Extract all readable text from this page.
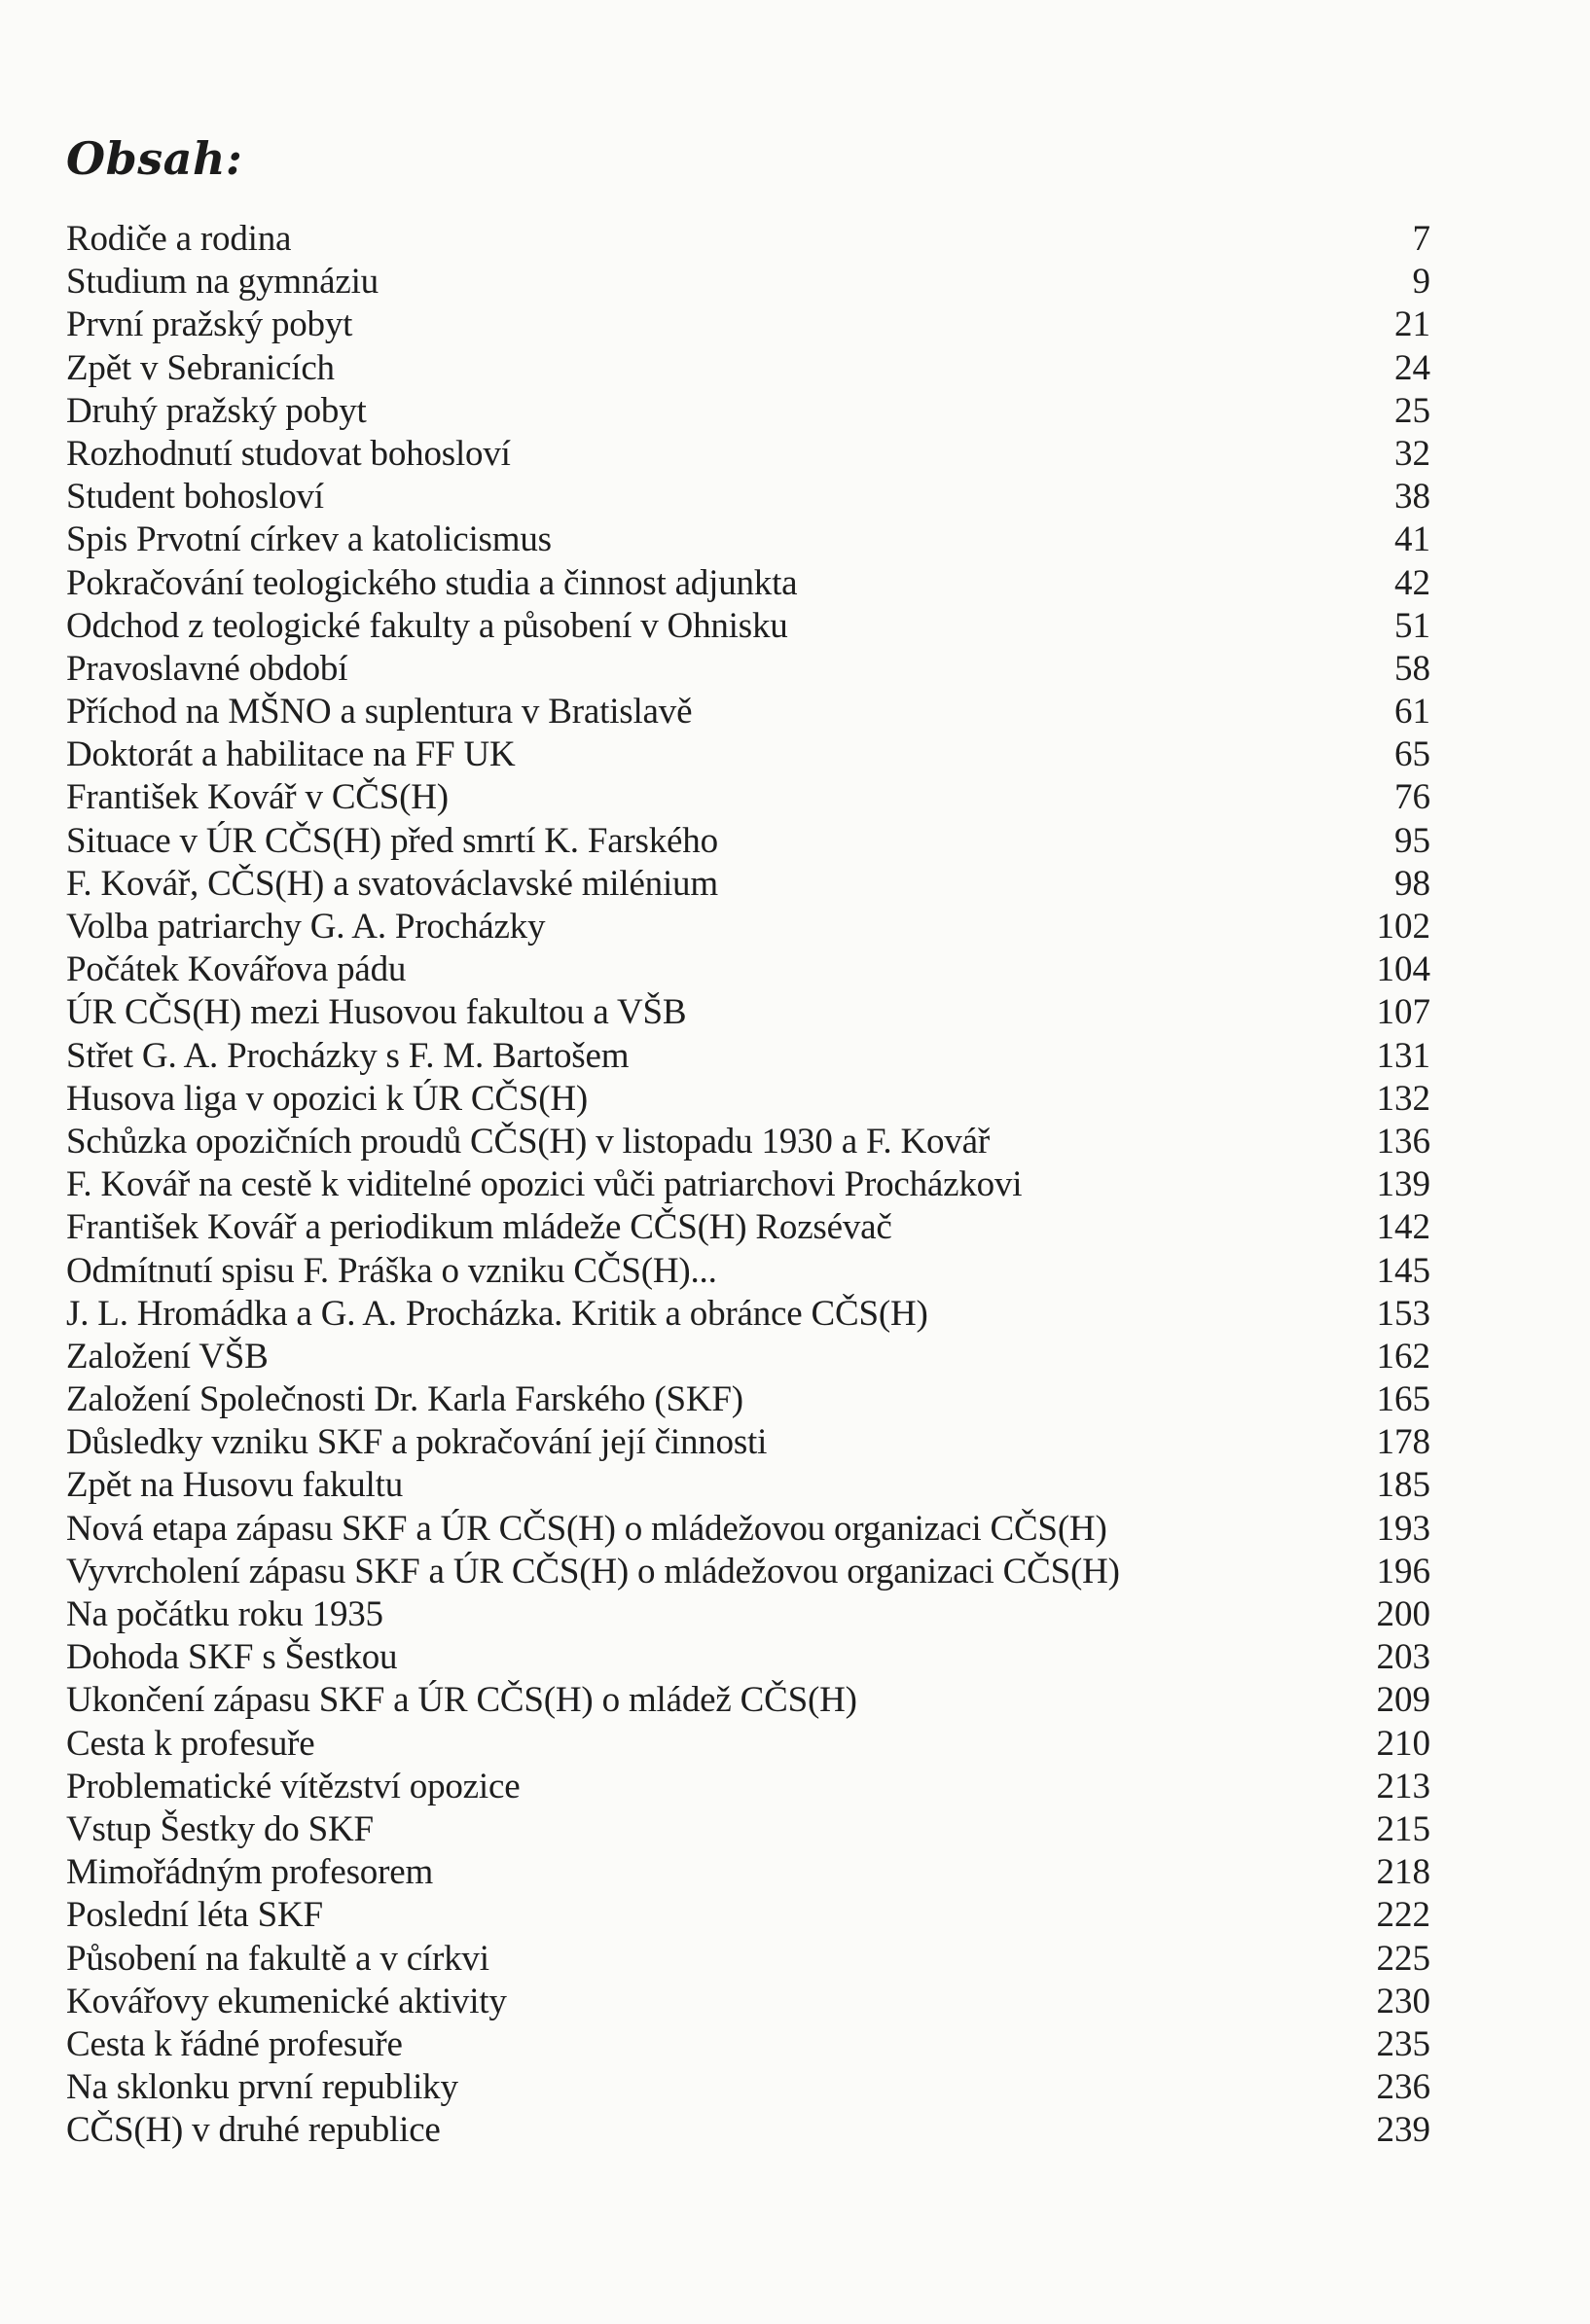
Obsah:
Rodiče a rodina	7
Studium na gymnáziu	9
První pražský pobyt	21
Zpět v Sebranicích	24
Druhý pražský pobyt	25
Rozhodnutí studovat bohosloví	32
Student bohosloví	38
Spis Prvotní církev a katolicismus	41
Pokračování teologického studia a činnost adjunkta	42
Odchod z teologické fakulty a působení v Ohnisku	51
Pravoslavné období	58
Příchod na MŠNO a suplentura v Bratislavě	61
Doktorát a habilitace na FF UK	65
František Kovář v CČS(H)	76
Situace v ÚR CČS(H) před smrtí K. Farského	95
F. Kovář, CČS(H) a svatováclavské milénium	98
Volba patriarchy G. A. Procházky	102
Počátek Kovářova pádu	104
ÚR CČS(H) mezi Husovou fakultou a VŠB	107
Střet G. A. Procházky s F. M. Bartošem	131
Husova liga v opozici k ÚR CČS(H)	132
Schůzka opozičních proudů CČS(H) v listopadu 1930 a F. Kovář	136
F. Kovář na cestě k viditelné opozici vůči patriarchovi Procházkovi	139
František Kovář a periodikum mládeže CČS(H) Rozsévač	142
Odmítnutí spisu F. Práška o vzniku CČS(H)...	145
J. L. Hromádka a G. A. Procházka. Kritik a obránce CČS(H)	153
Založení VŠB	162
Založení Společnosti Dr. Karla Farského (SKF)	165
Důsledky vzniku SKF a pokračování její činnosti	178
Zpět na Husovu fakultu	185
Nová etapa zápasu SKF a ÚR CČS(H) o mládežovou organizaci CČS(H)	193
Vyvrcholení zápasu SKF a ÚR CČS(H) o mládežovou organizaci CČS(H)	196
Na počátku roku 1935	200
Dohoda SKF s Šestkou	203
Ukončení zápasu SKF a ÚR CČS(H) o mládež CČS(H)	209
Cesta k profesuře	210
Problematické vítězství opozice	213
Vstup Šestky do SKF	215
Mimořádným profesorem	218
Poslední léta SKF	222
Působení na fakultě a v církvi	225
Kovářovy ekumenické aktivity	230
Cesta k řádné profesuře	235
Na sklonku první republiky	236
CČS(H) v druhé republice	239
